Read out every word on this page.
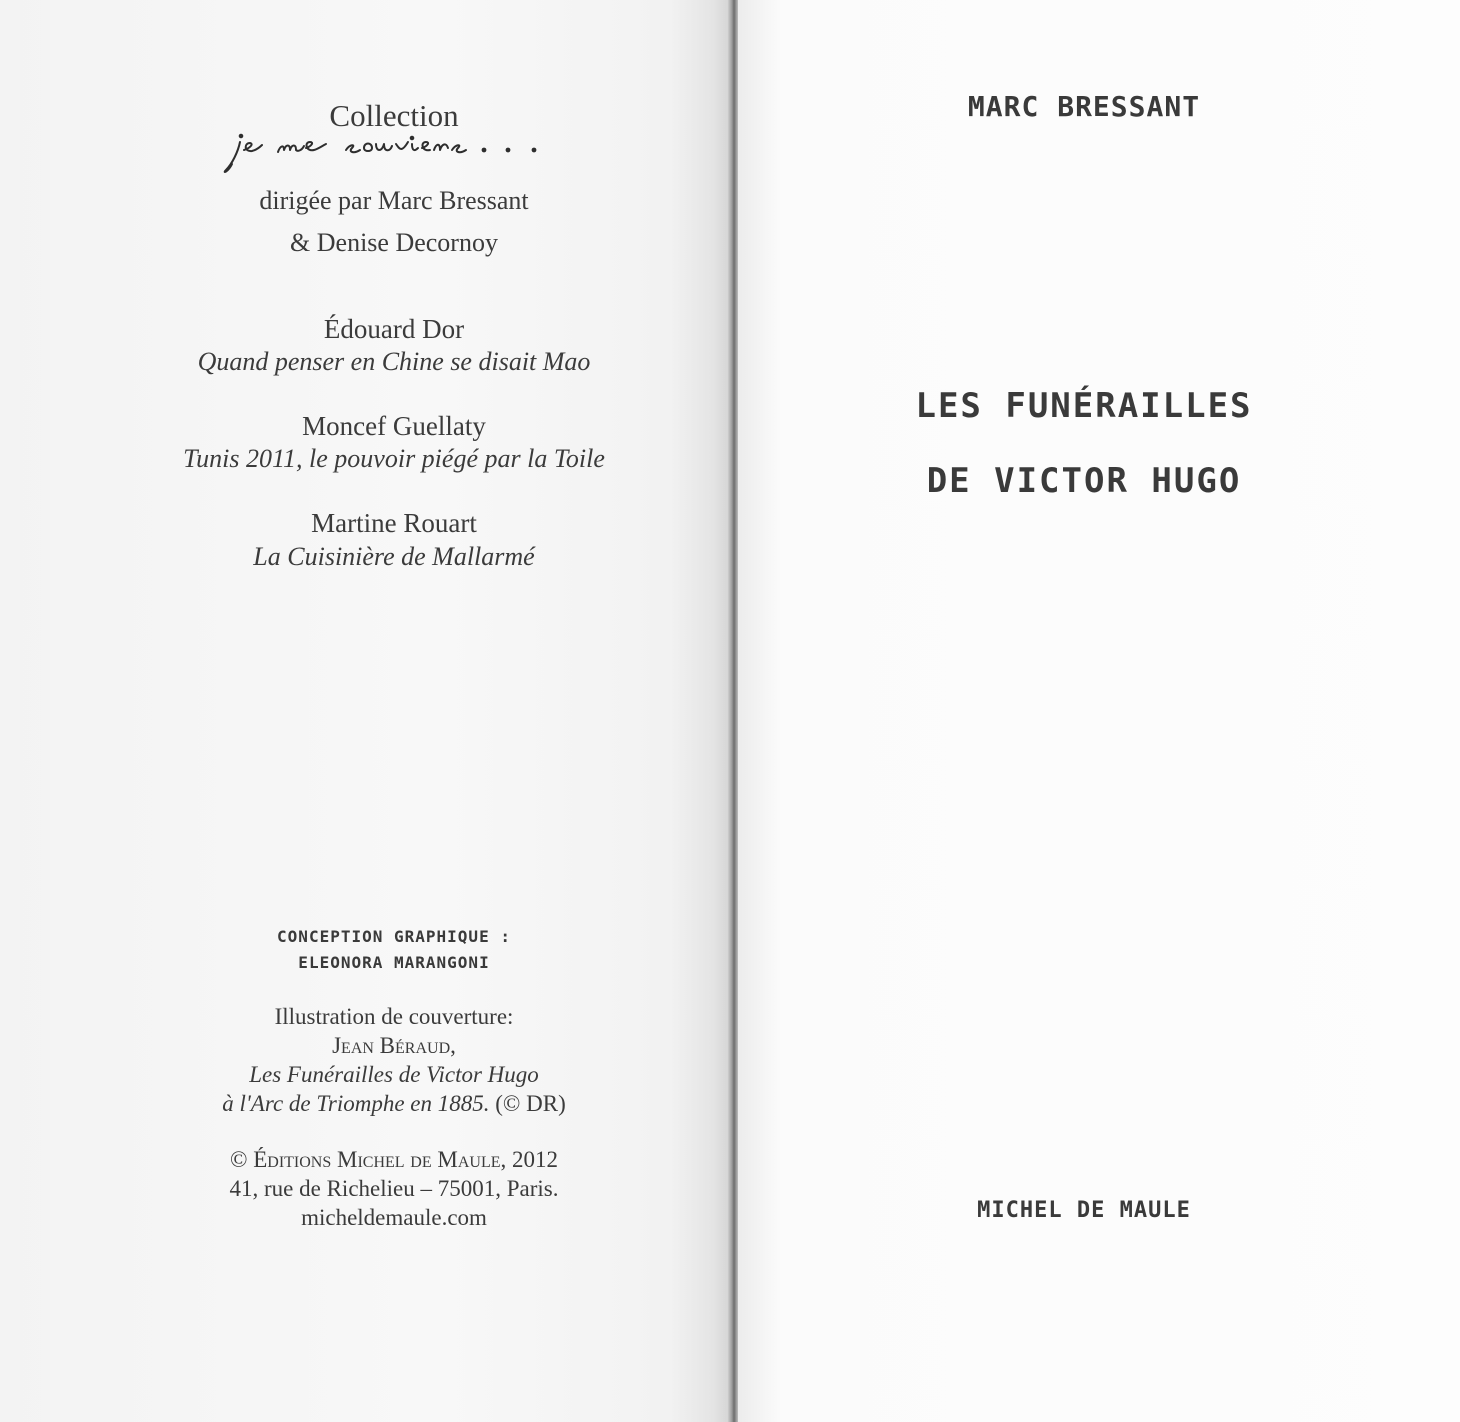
Collection
je me souviens...
dirigée par Marc Bressant
& Denise Decornoy
Édouard Dor
Quand penser en Chine se disait Mao
Moncef Guellaty
Tunis 2011, le pouvoir piégé par la Toile
Martine Rouart
La Cuisinière de Mallarmé
CONCEPTION GRAPHIQUE :
ELEONORA MARANGONI
Illustration de couverture:
Jean Béraud,
Les Funérailles de Victor Hugo
à l'Arc de Triomphe en 1885. (© DR)
© Éditions Michel de Maule, 2012
41, rue de Richelieu – 75001, Paris.
micheldemaule.com
MARC BRESSANT
LES FUNÉRAILLES
DE VICTOR HUGO
MICHEL DE MAULE
